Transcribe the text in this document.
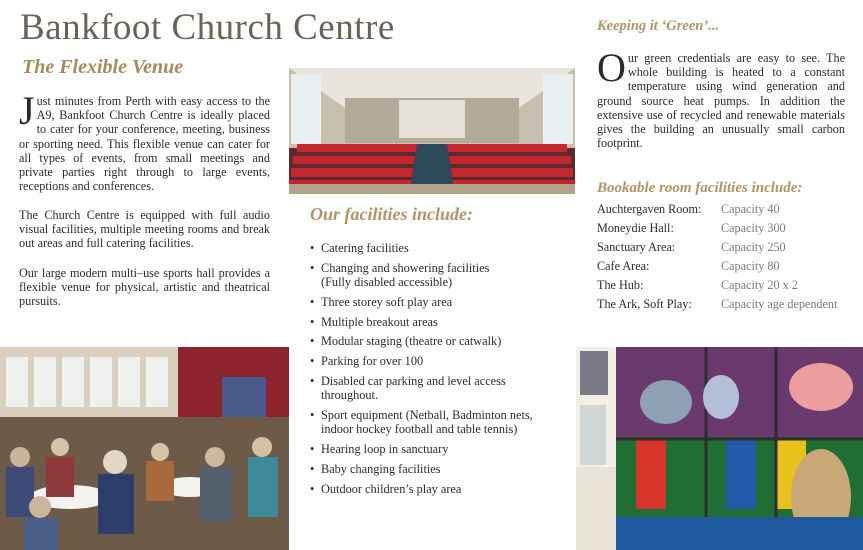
Bankfoot Church Centre
The Flexible Venue
Just minutes from Perth with easy access to the A9, Bankfoot Church Centre is ideally placed to cater for your conference, meeting, business or sporting need. This flexible venue can cater for all types of events, from small meetings and private parties right through to large events, receptions and conferences.
The Church Centre is equipped with full audio visual facilities, multiple meeting rooms and break out areas and full catering facilities.
Our large modern multi–use sports hall provides a flexible venue for physical, artistic and theatrical pursuits.
Our facilities include:
• Catering facilities
• Changing and showering facilities
(Fully disabled accessible)
• Three storey soft play area
• Multiple breakout areas
• Modular staging (theatre or catwalk)
• Parking for over 100
• Disabled car parking and level access throughout.
• Sport equipment (Netball, Badminton nets, indoor hockey football and table tennis)
• Hearing loop in sanctuary
• Baby changing facilities
• Outdoor children’s play area
Keeping it ‘Green’...
Our green credentials are easy to see. The whole building is heated to a constant temperature using wind generation and ground source heat pumps. In addition the extensive use of recycled and renewable materials gives the building an unusually small carbon footprint.
Bookable room facilities include:
Auchtergaven Room:	Capacity 40
Moneydie Hall:	Capacity 300
Sanctuary Area:	Capacity 250
Cafe Area:	Capacity 80
The Hub:	Capacity 20 x 2
The Ark, Soft Play:	Capacity age dependent
